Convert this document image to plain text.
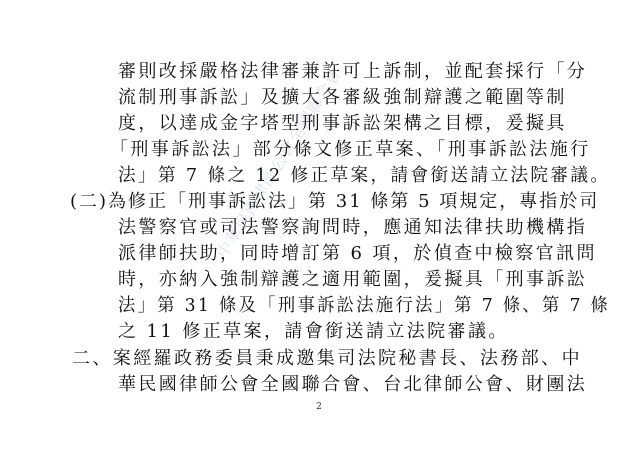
中華民國律師公會全國聯合會
審則改採嚴格法律審兼許可上訴制，並配套採行「分
流制刑事訴訟」及擴大各審級強制辯護之範圍等制
度，以達成金字塔型刑事訴訟架構之目標，爰擬具
「刑事訴訟法」部分條文修正草案、「刑事訴訟法施行
法」第 7 條之 12 修正草案，請會銜送請立法院審議。
(二)為修正「刑事訴訟法」第 31 條第 5 項規定，專指於司
法警察官或司法警察詢問時，應通知法律扶助機構指
派律師扶助，同時增訂第 6 項，於偵查中檢察官訊問
時，亦納入強制辯護之適用範圍，爰擬具「刑事訴訟
法」第 31 條及「刑事訴訟法施行法」第 7 條、第 7 條
之 11 修正草案，請會銜送請立法院審議。
二、案經羅政務委員秉成邀集司法院秘書長、法務部、中
華民國律師公會全國聯合會、台北律師公會、財團法
2
